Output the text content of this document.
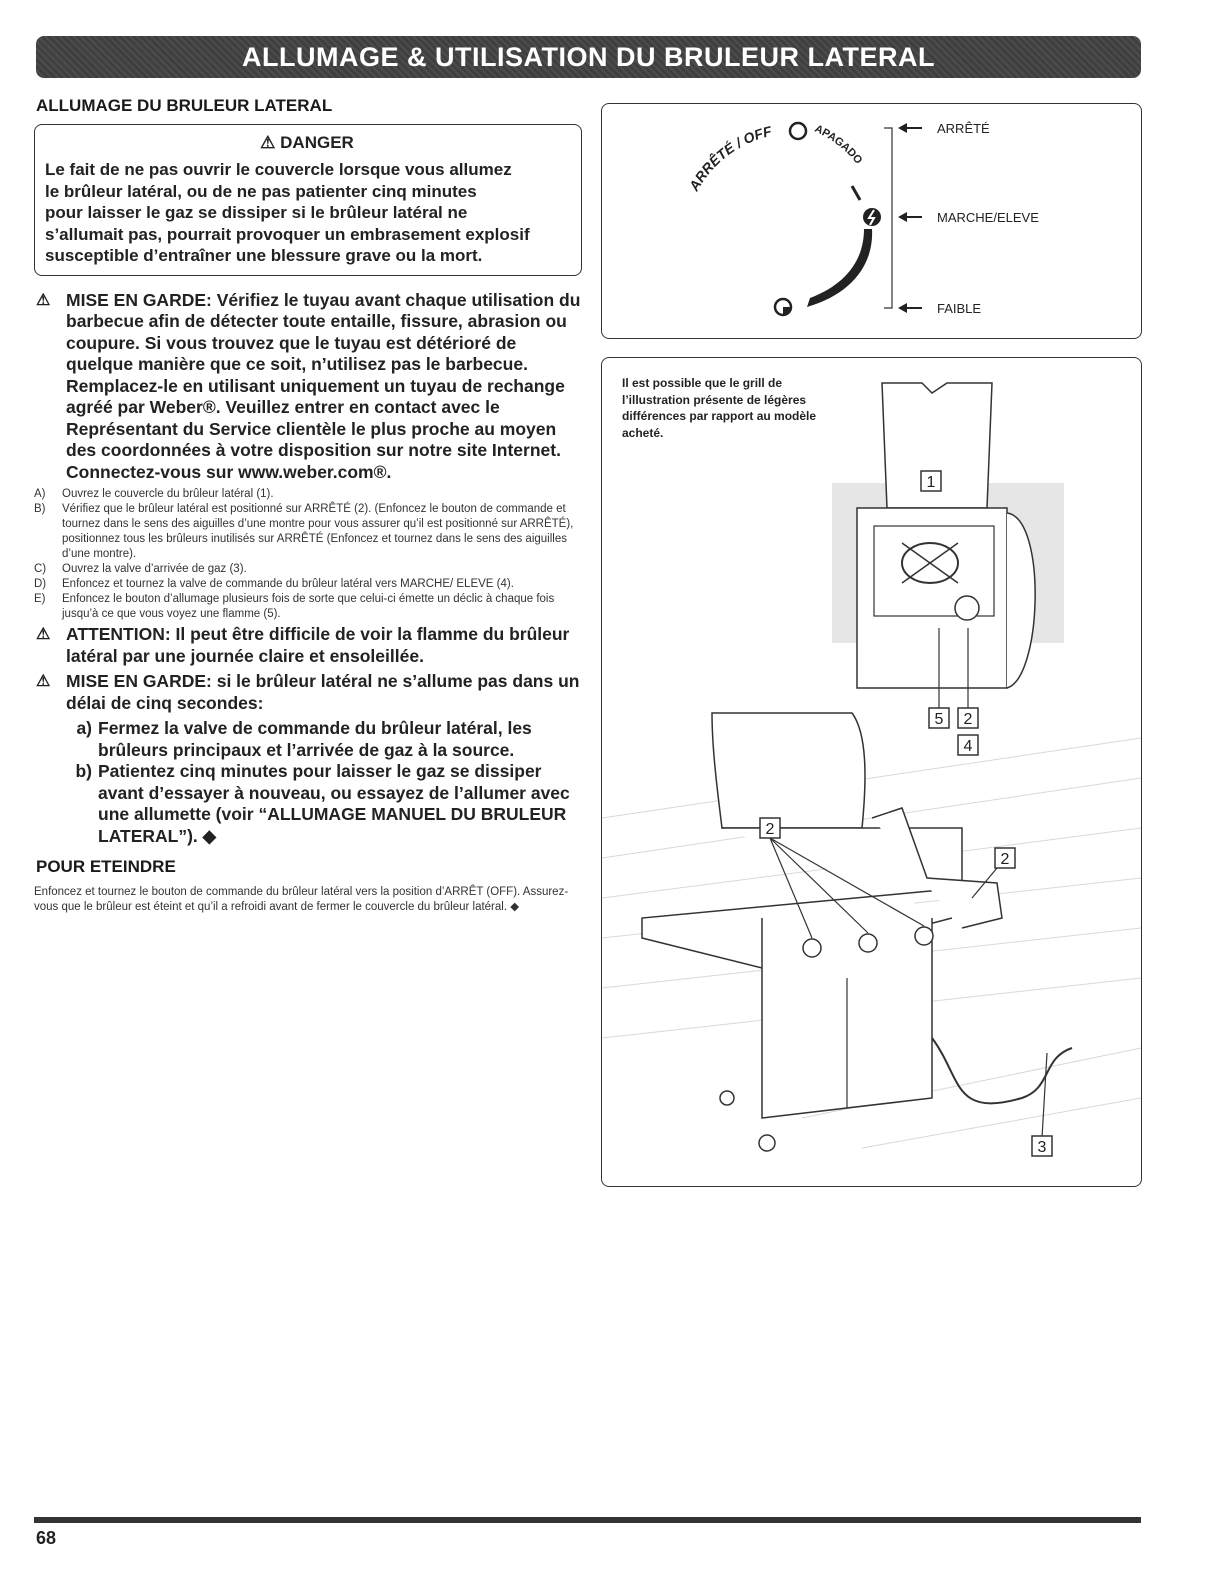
ALLUMAGE & UTILISATION DU BRULEUR LATERAL
ALLUMAGE DU BRULEUR LATERAL
⚠ DANGER
Le fait de ne pas ouvrir le couvercle lorsque vous allumez
le brûleur latéral, ou de ne pas patienter cinq minutes
pour laisser le gaz se dissiper si le brûleur latéral ne
s’allumait pas, pourrait provoquer un embrasement explosif
susceptible d’entraîner une blessure grave ou la mort.
⚠ MISE EN GARDE: Vérifiez le tuyau avant chaque utilisation du barbecue afin de détecter toute entaille, fissure, abrasion ou coupure. Si vous trouvez que le tuyau est détérioré de quelque manière que ce soit, n’utilisez pas le barbecue. Remplacez-le en utilisant uniquement un tuyau de rechange agréé par Weber®. Veuillez entrer en contact avec le Représentant du Service clientèle le plus proche au moyen des coordonnées à votre disposition sur notre site Internet. Connectez-vous sur www.weber.com®.
A)	Ouvrez le couvercle du brûleur latéral (1).
B)	Vérifiez que le brûleur latéral est positionné sur ARRÊTÉ (2). (Enfoncez le bouton de commande et tournez dans le sens des aiguilles d’une montre pour vous assurer qu’il est positionné sur ARRÊTÉ), positionnez tous les brûleurs inutilisés sur ARRÊTÉ (Enfoncez et tournez dans le sens des aiguilles d’une montre).
C)	Ouvrez la valve d’arrivée de gaz (3).
D)	Enfoncez et tournez la valve de commande du brûleur latéral vers MARCHE/ ELEVE (4).
E)	Enfoncez le bouton d’allumage plusieurs fois de sorte que celui-ci émette un déclic à chaque fois jusqu’à ce que vous voyez une flamme (5).
⚠ ATTENTION: Il peut être difficile de voir la flamme du brûleur latéral par une journée claire et ensoleillée.
⚠ MISE EN GARDE: si le brûleur latéral ne s’allume pas dans un délai de cinq secondes:
a) Fermez la valve de commande du brûleur latéral, les brûleurs principaux et l’arrivée de gaz à la source.
b) Patientez cinq minutes pour laisser le gaz se dissiper avant d’essayer à nouveau, ou essayez de l’allumer avec une allumette (voir “ALLUMAGE MANUEL DU BRULEUR LATERAL”). ◆
POUR ETEINDRE
Enfoncez et tournez le bouton de commande du brûleur latéral vers la position d’ARRÊT (OFF). Assurez-vous que le brûleur est éteint et qu’il a refroidi avant de fermer le couvercle du brûleur latéral. ◆
ARRÊTÉ / OFF	APAGADO
ARRÊTÉ
MARCHE/ELEVE
FAIBLE
Il est possible que le grill de l’illustration présente de légères différences par rapport au modèle acheté.
1
5 2
4
2
2
3
68
